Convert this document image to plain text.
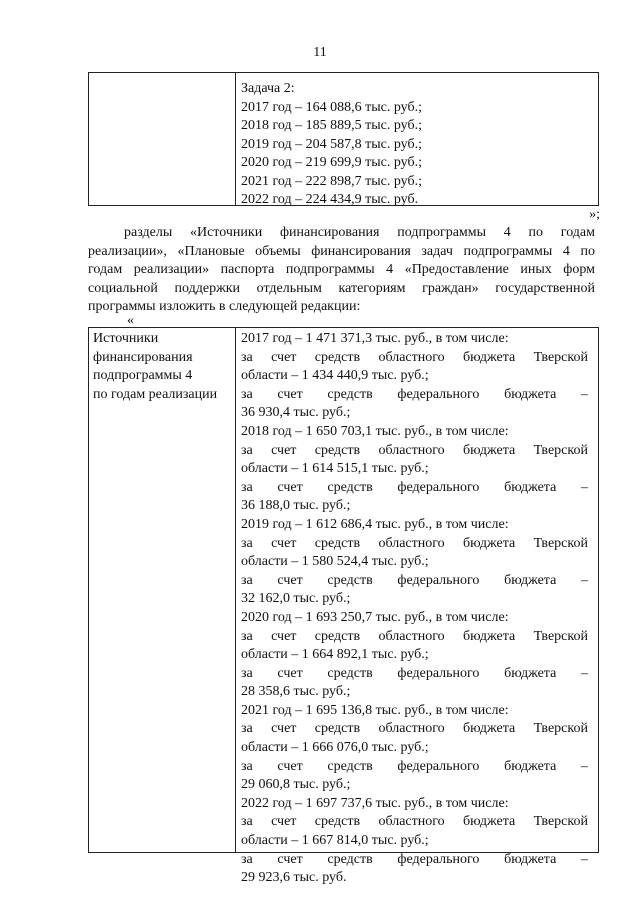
11
Задача 2:
2017 год – 164 088,6 тыс. руб.;
2018 год – 185 889,5 тыс. руб.;
2019 год – 204 587,8 тыс. руб.;
2020 год – 219 699,9 тыс. руб.;
2021 год – 222 898,7 тыс. руб.;
2022 год – 224 434,9 тыс. руб.
»;
разделы «Источники финансирования подпрограммы 4 по годам
реализации», «Плановые объемы финансирования задач подпрограммы 4 по
годам реализации» паспорта подпрограммы 4 «Предоставление иных форм
социальной поддержки отдельным категориям граждан» государственной
программы изложить в следующей редакции:
«
Источники
финансирования
подпрограммы 4
по годам реализации
2017 год – 1 471 371,3 тыс. руб., в том числе:
за счет средств областного бюджета Тверской
области – 1 434 440,9 тыс. руб.;
за счет средств федерального бюджета –
36 930,4 тыс. руб.;
2018 год – 1 650 703,1 тыс. руб., в том числе:
за счет средств областного бюджета Тверской
области – 1 614 515,1 тыс. руб.;
за счет средств федерального бюджета –
36 188,0 тыс. руб.;
2019 год – 1 612 686,4 тыс. руб., в том числе:
за счет средств областного бюджета Тверской
области – 1 580 524,4 тыс. руб.;
за счет средств федерального бюджета –
32 162,0 тыс. руб.;
2020 год – 1 693 250,7 тыс. руб., в том числе:
за счет средств областного бюджета Тверской
области – 1 664 892,1 тыс. руб.;
за счет средств федерального бюджета –
28 358,6 тыс. руб.;
2021 год – 1 695 136,8 тыс. руб., в том числе:
за счет средств областного бюджета Тверской
области – 1 666 076,0 тыс. руб.;
за счет средств федерального бюджета –
29 060,8 тыс. руб.;
2022 год – 1 697 737,6 тыс. руб., в том числе:
за счет средств областного бюджета Тверской
области – 1 667 814,0 тыс. руб.;
за счет средств федерального бюджета –
29 923,6 тыс. руб.
